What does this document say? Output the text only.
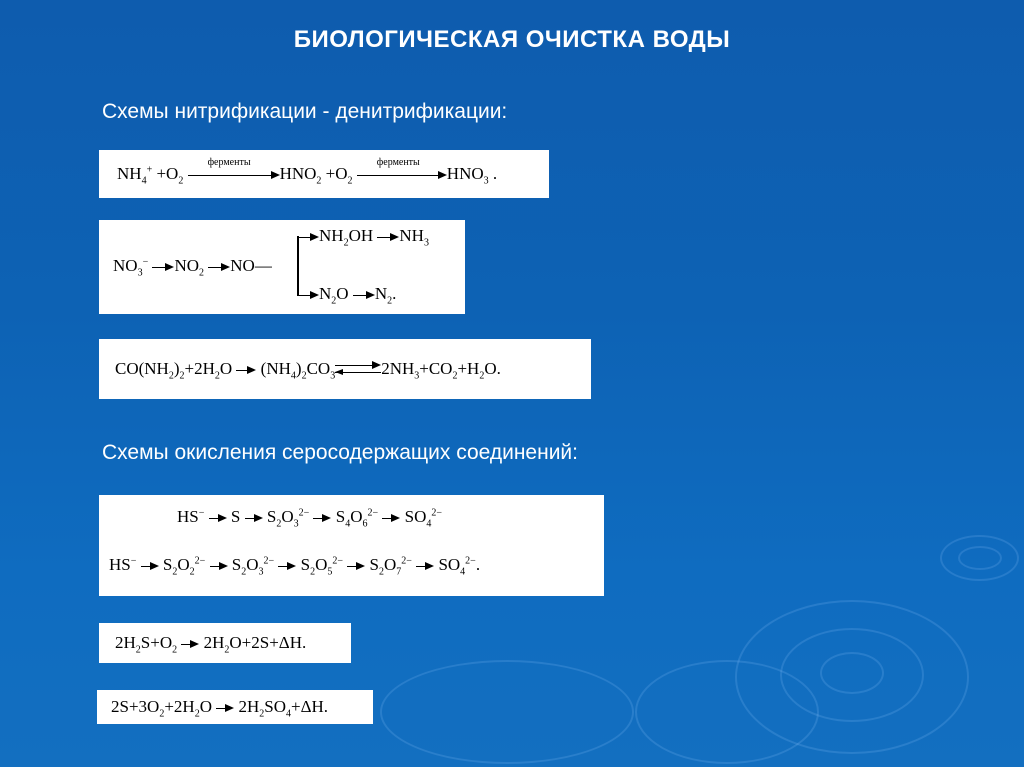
БИОЛОГИЧЕСКАЯ ОЧИСТКА ВОДЫ
Схемы нитрификации - денитрификации:
$NH_4^+ +O_2$
ферменты
$HNO_2 +O_2$
ферменты
$HNO_3$ .
$NO_3^-$ $NO_2$ NO—
$NH_2OH$ $NH_3$
$N_2O$ $N_2$.
$CO(NH_2)_2+2H_2O$  $(NH_4)_2CO_3$	$2NH_3+CO_2+H_2O$.
Схемы окисления серосодержащих соединений:
HS−  S  $S_2O_3^{2-}$  $S_4O_6^{2-}$  $SO_4^{2-}$
HS−  $S_2O_2^{2-}$  $S_2O_3^{2-}$  $S_2O_5^{2-}$  $S_2O_7^{2-}$  $SO_4^{2-}$.
$2H_2S+O_2$  $2H_2O+2S+\Delta H$.
$2S+3O_2+2H_2O$  $2H_2SO_4+\Delta H$.
